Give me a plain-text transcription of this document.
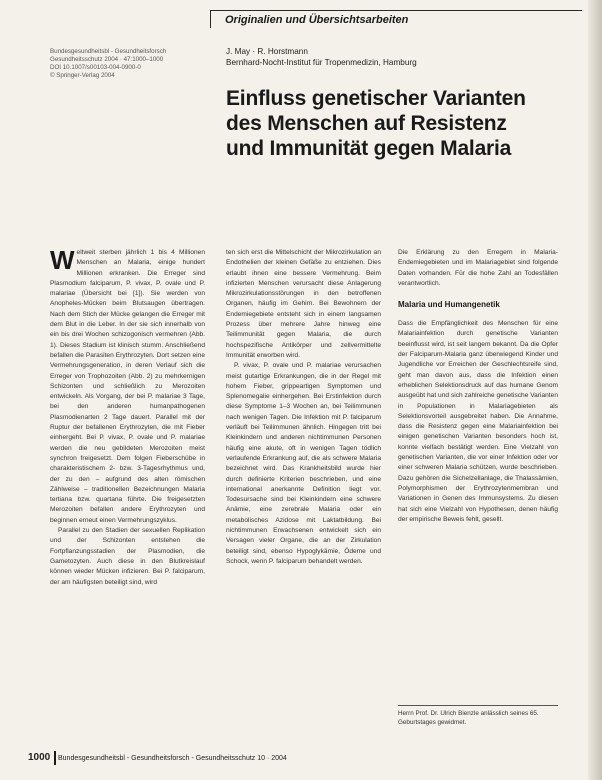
Originalien und Übersichtsarbeiten
Bundesgesundheitsbl - Gesundheitsforsch
Gesundheitsschutz 2004 · 47:1000–1000
DOI 10.1007/s00103-004-0900-0
© Springer-Verlag 2004
J. May · R. Horstmann
Bernhard-Nocht-Institut für Tropenmedizin, Hamburg
Einfluss genetischer Varianten
des Menschen auf Resistenz
und Immunität gegen Malaria

Weltweit sterben jährlich 1 bis 4 Millionen Menschen an Malaria, einige hundert Millionen erkranken. Die Erreger sind Plasmodium falciparum, P. vivax, P. ovale und P. malariae (Übersicht bei [1]). Sie werden von Anopheles-Mücken beim Blutsaugen übertragen. Nach dem Stich der Mücke gelangen die Erreger mit dem Blut in die Leber. In der sie sich innerhalb von ein bis drei Wochen schizogonisch vermehren (Abb. 1). Dieses Stadium ist klinisch stumm. Anschließend befallen die Parasiten Erythrozyten. Dort setzen eine Vermehrungsgeneration, in deren Verlauf sich die Erreger von Trophozoiten (Abb. 2) zu mehrkernigen Schizonten und schließlich zu Merozoiten entwickeln. Als Vorgang, der bei P. malariae 3 Tage, bei den anderen humanpathogenen Plasmodienarten 2 Tage dauert. Parallel mit der Ruptur der befallenen Erythrozyten, die mit Fieber einhergeht. Bei P. vivax, P. ovale und P. malariae werden die neu gebildeten Merozoiten meist synchron freigesetzt. Dem folgen Fieberschübe in charakteristischem 2- bzw. 3-Tagesrhythmus und, der zu den – aufgrund des alten römischen Zählweise – traditionellen Bezeichnungen Malaria tertiana bzw. quartana führte. Die freigesetzten Merozoiten befallen andere Erythrozyten und beginnen erneut einen Vermehrungszyklus.

Parallel zu den Stadien der sexuellen Replikation und der Schizonten entstehen die Fortpflanzungsstadien der Plasmodien, die Gametozyten. Auch diese in den Blutkreislauf können wieder Mücken infizieren. Bei P. falciparum, der am häufigsten beteiligt sind, wird

ten sich erst die Mittelschicht der Mikrozirkulation an Endothelien der kleinen Gefäße zu entziehen. Dies erlaubt ihnen eine bessere Vermehrung. Beim infizierten Menschen verursacht diese Anlagerung Mikrozirkulationsstörungen in den betroffenen Organen, häufig im Gehirn. Bei Bewohnern der Endemiegebiete entsteht sich in einem langsamen Prozess über mehrere Jahre hinweg eine Teilimmunität gegen Malaria, die durch hochspezifische Antikörper und zellvermittelte Immunität erworben wird.

P. vivax, P. ovale und P. malariae verursachen meist gutartige Erkrankungen, die in der Regel mit hohem Fieber, grippeartigen Symptomen und Splenomegalie einhergehen. Bei Erstinfektion durch diese Symptome 1–3 Wochen an, bei Teilimmunen nach wenigen Tagen. Die Infektion mit P. falciparum verläuft bei Teilimmunen ähnlich. Hingegen tritt bei Kleinkindern und anderen nichtimmunen Personen häufig eine akute, oft in wenigen Tagen tödlich verlaufende Erkrankung auf, die als schwere Malaria bezeichnet wird. Das Krankheitsbild wurde hier durch definierte Kriterien beschrieben, und eine international anerkannte Definition liegt vor. Todesursache sind bei Kleinkindern eine schwere Anämie, eine zerebrale Malaria oder ein metabolisches Azidose mit Laktatbildung. Bei nichtimmunen Erwachsenen entwickelt sich ein Versagen vieler Organe, die an der Zirkulation beteiligt sind, ebenso Hypoglykämie, Ödeme und Schock, wenn P. falciparum behandelt werden.

Die Erklärung zu den Erregern in Malaria-Endemiegebieten und im Malariagebiet sind folgende Daten vorhanden. Für die hohe Zahl an Todesfällen verantwortlich.

Malaria und Humangenetik

Dass die Empfänglichkeit des Menschen für eine Malariainfektion durch genetische Varianten beeinflusst wird, ist seit langem bekannt. Da die Opfer der Falciparum-Malaria ganz überwiegend Kinder und Jugendliche vor Erreichen der Geschlechtsreife sind, geht man davon aus, dass die Infektion einen erheblichen Selektionsdruck auf das humane Genom ausgeübt hat und sich zahlreiche genetische Varianten in Populationen in Malariagebieten als Selektionsvorteil ausgebreitet haben. Die Annahme, dass die Resistenz gegen eine Malariainfektion bei einigen genetischen Varianten besonders hoch ist, konnte vielfach bestätigt werden. Eine Vielzahl von genetischen Varianten, die vor einer Infektion oder vor einer schweren Malaria schützen, wurde beschrieben. Dazu gehören die Sichelzellanlage, die Thalassämien, Polymorphismen der Erythrozytenmembran und Variationen in Genen des Immunsystems. Zu diesen hat sich eine Vielzahl von Hypothesen, denen häufig der empirische Beweis fehlt, gesellt.

Herrn Prof. Dr. Ulrich Bienzle anlässlich seines 65. Geburtstages gewidmet.
1000	Bundesgesundheitsbl - Gesundheitsforsch - Gesundheitsschutz 10 · 2004
